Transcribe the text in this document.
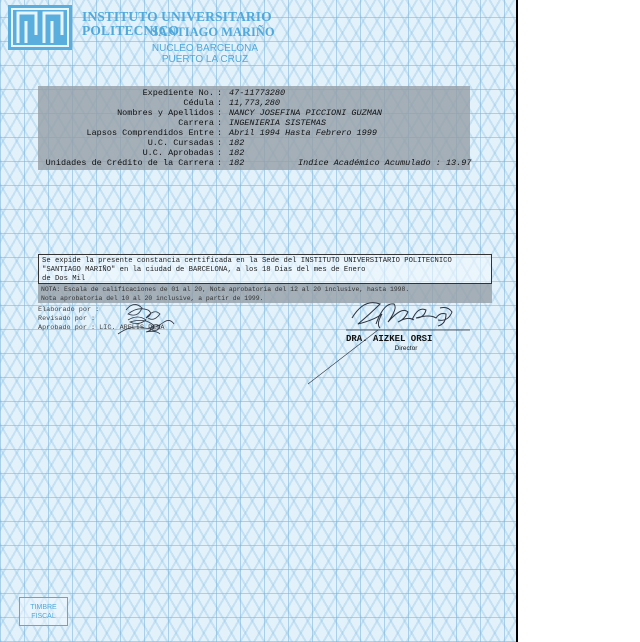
INSTITUTO UNIVERSITARIO POLITECNICO
SANTIAGO MARIÑO
NUCLEO BARCELONA
PUERTO LA CRUZ
Expediente No. : 47-11773280
Cédula : 11,773,280
Nombres y Apellidos : NANCY JOSEFINA PICCIONI GUZMAN
Carrera : INGENIERIA SISTEMAS
Lapsos Comprendidos Entre : Abril 1994 Hasta Febrero 1999
U.C. Cursadas : 182
U.C. Aprobadas : 182
Unidades de Crédito de la Carrera : 182	Indice Académico Acumulado : 13.97
Se expide la presente constancia certificada en la Sede del INSTITUTO UNIVERSITARIO POLITECNICO
"SANTIAGO MARIÑO" en la ciudad de BARCELONA, a los 18 Dias del mes de Enero
de Dos Mil
NOTA: Escala de calificaciones de 01 al 20, Nota aprobatoria del 12 al 20 inclusive, hasta 1998.
Nota aprobatoria del 10 al 20 inclusive, a partir de 1999.
Elaborado por :
Revisado por :
Aprobado por : LIC. ARELIS PENA
DRA. AIZKEL ORSI
Director
TIMBRE
FISCAL
